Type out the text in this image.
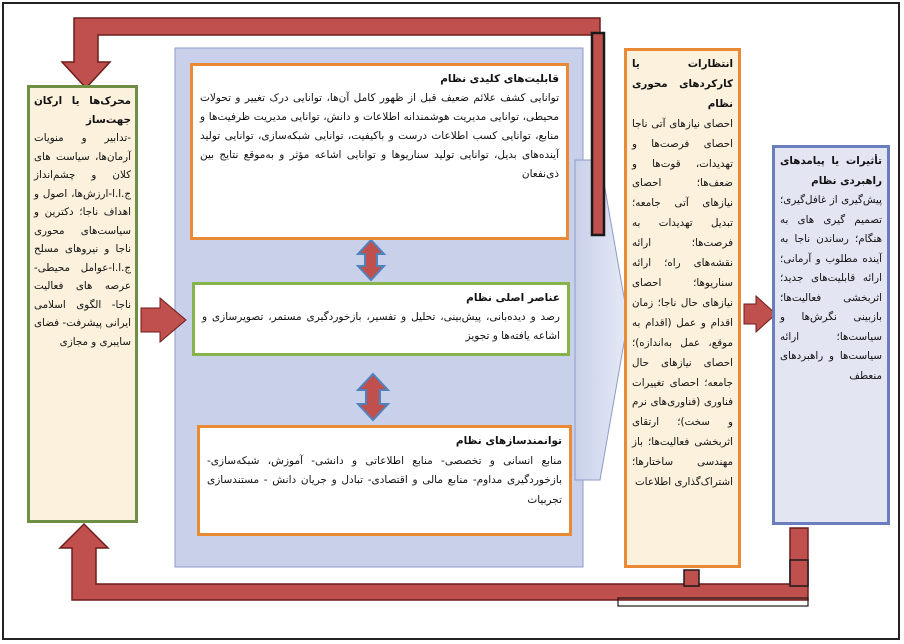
محرک‌ها یا ارکان جهت‌ساز
-تدابیر و منویات آرمان‌ها، سیاست های کلان و چشم‌انداز ج.ا.ا-ارزش‌ها، اصول و اهداف ناجا؛ دکترین و سیاست‌های محوری ناجا و نیروهای مسلح ج.ا.ا-عوامل محیطی-عرصه های فعالیت ناجا- الگوی اسلامی ایرانی پیشرفت- فضای سایبری و مجازی
قابلیت‌های کلیدی نظام
توانایی کشف علائم ضعیف قبل از ظهور کامل آن‌ها، توانایی درک تغییر و تحولات محیطی، توانایی مدیریت هوشمندانه اطلاعات و دانش، توانایی مدیریت ظرفیت‌ها و منابع، توانایی کسب اطلاعات درست و باکیفیت، توانایی شبکه‌سازی، توانایی تولید آینده‌های بدیل، توانایی تولید سناریوها و توانایی اشاعه مؤثر و به‌موقع نتایج بین ذی‌نفعان
عناصر اصلی نظام
رصد و دیده‌بانی، پیش‌بینی، تحلیل و تفسیر، بازخوردگیری مستمر، تصویرسازی و اشاعه یافته‌ها و تجویز
توانمندسازهای نظام
منابع انسانی و تخصصی- منابع اطلاعاتی و دانشی- آموزش، شبکه‌سازی-بازخوردگیری مداوم- منابع مالی و اقتصادی- تبادل و جریان دانش - مستندسازی تجربیات
انتظارات یا کارکردهای محوری نظام
احصای نیازهای آتی ناجا احصای فرصت‌ها و تهدیدات، قوت‌ها و ضعف‌ها؛ احصای نیازهای آتی جامعه؛ تبدیل تهدیدات به فرصت‌ها؛ ارائه نقشه‌های راه؛ ارائه سناریوها؛ احصای نیازهای حال ناجا؛ زمان اقدام و عمل (اقدام به موقع، عمل به‌اندازه)؛ احصای نیازهای حال جامعه؛ احصای تغییرات فناوری (فناوری‌های نرم و سخت)؛ ارتقای اثربخشی فعالیت‌ها؛ باز مهندسی ساختارها؛ اشتراک‌گذاری اطلاعات
تأثیرات یا پیامدهای راهبردی نظام
پیش‌گیری از غافل‌گیری؛ تصمیم گیری های به هنگام؛ رساندن ناجا به آینده مطلوب و آرمانی؛ ارائه قابلیت‌های جدید؛ اثربخشی فعالیت‌ها؛ بازبینی نگرش‌ها و سیاست‌ها؛ ارائه سیاست‌ها و راهبردهای منعطف
